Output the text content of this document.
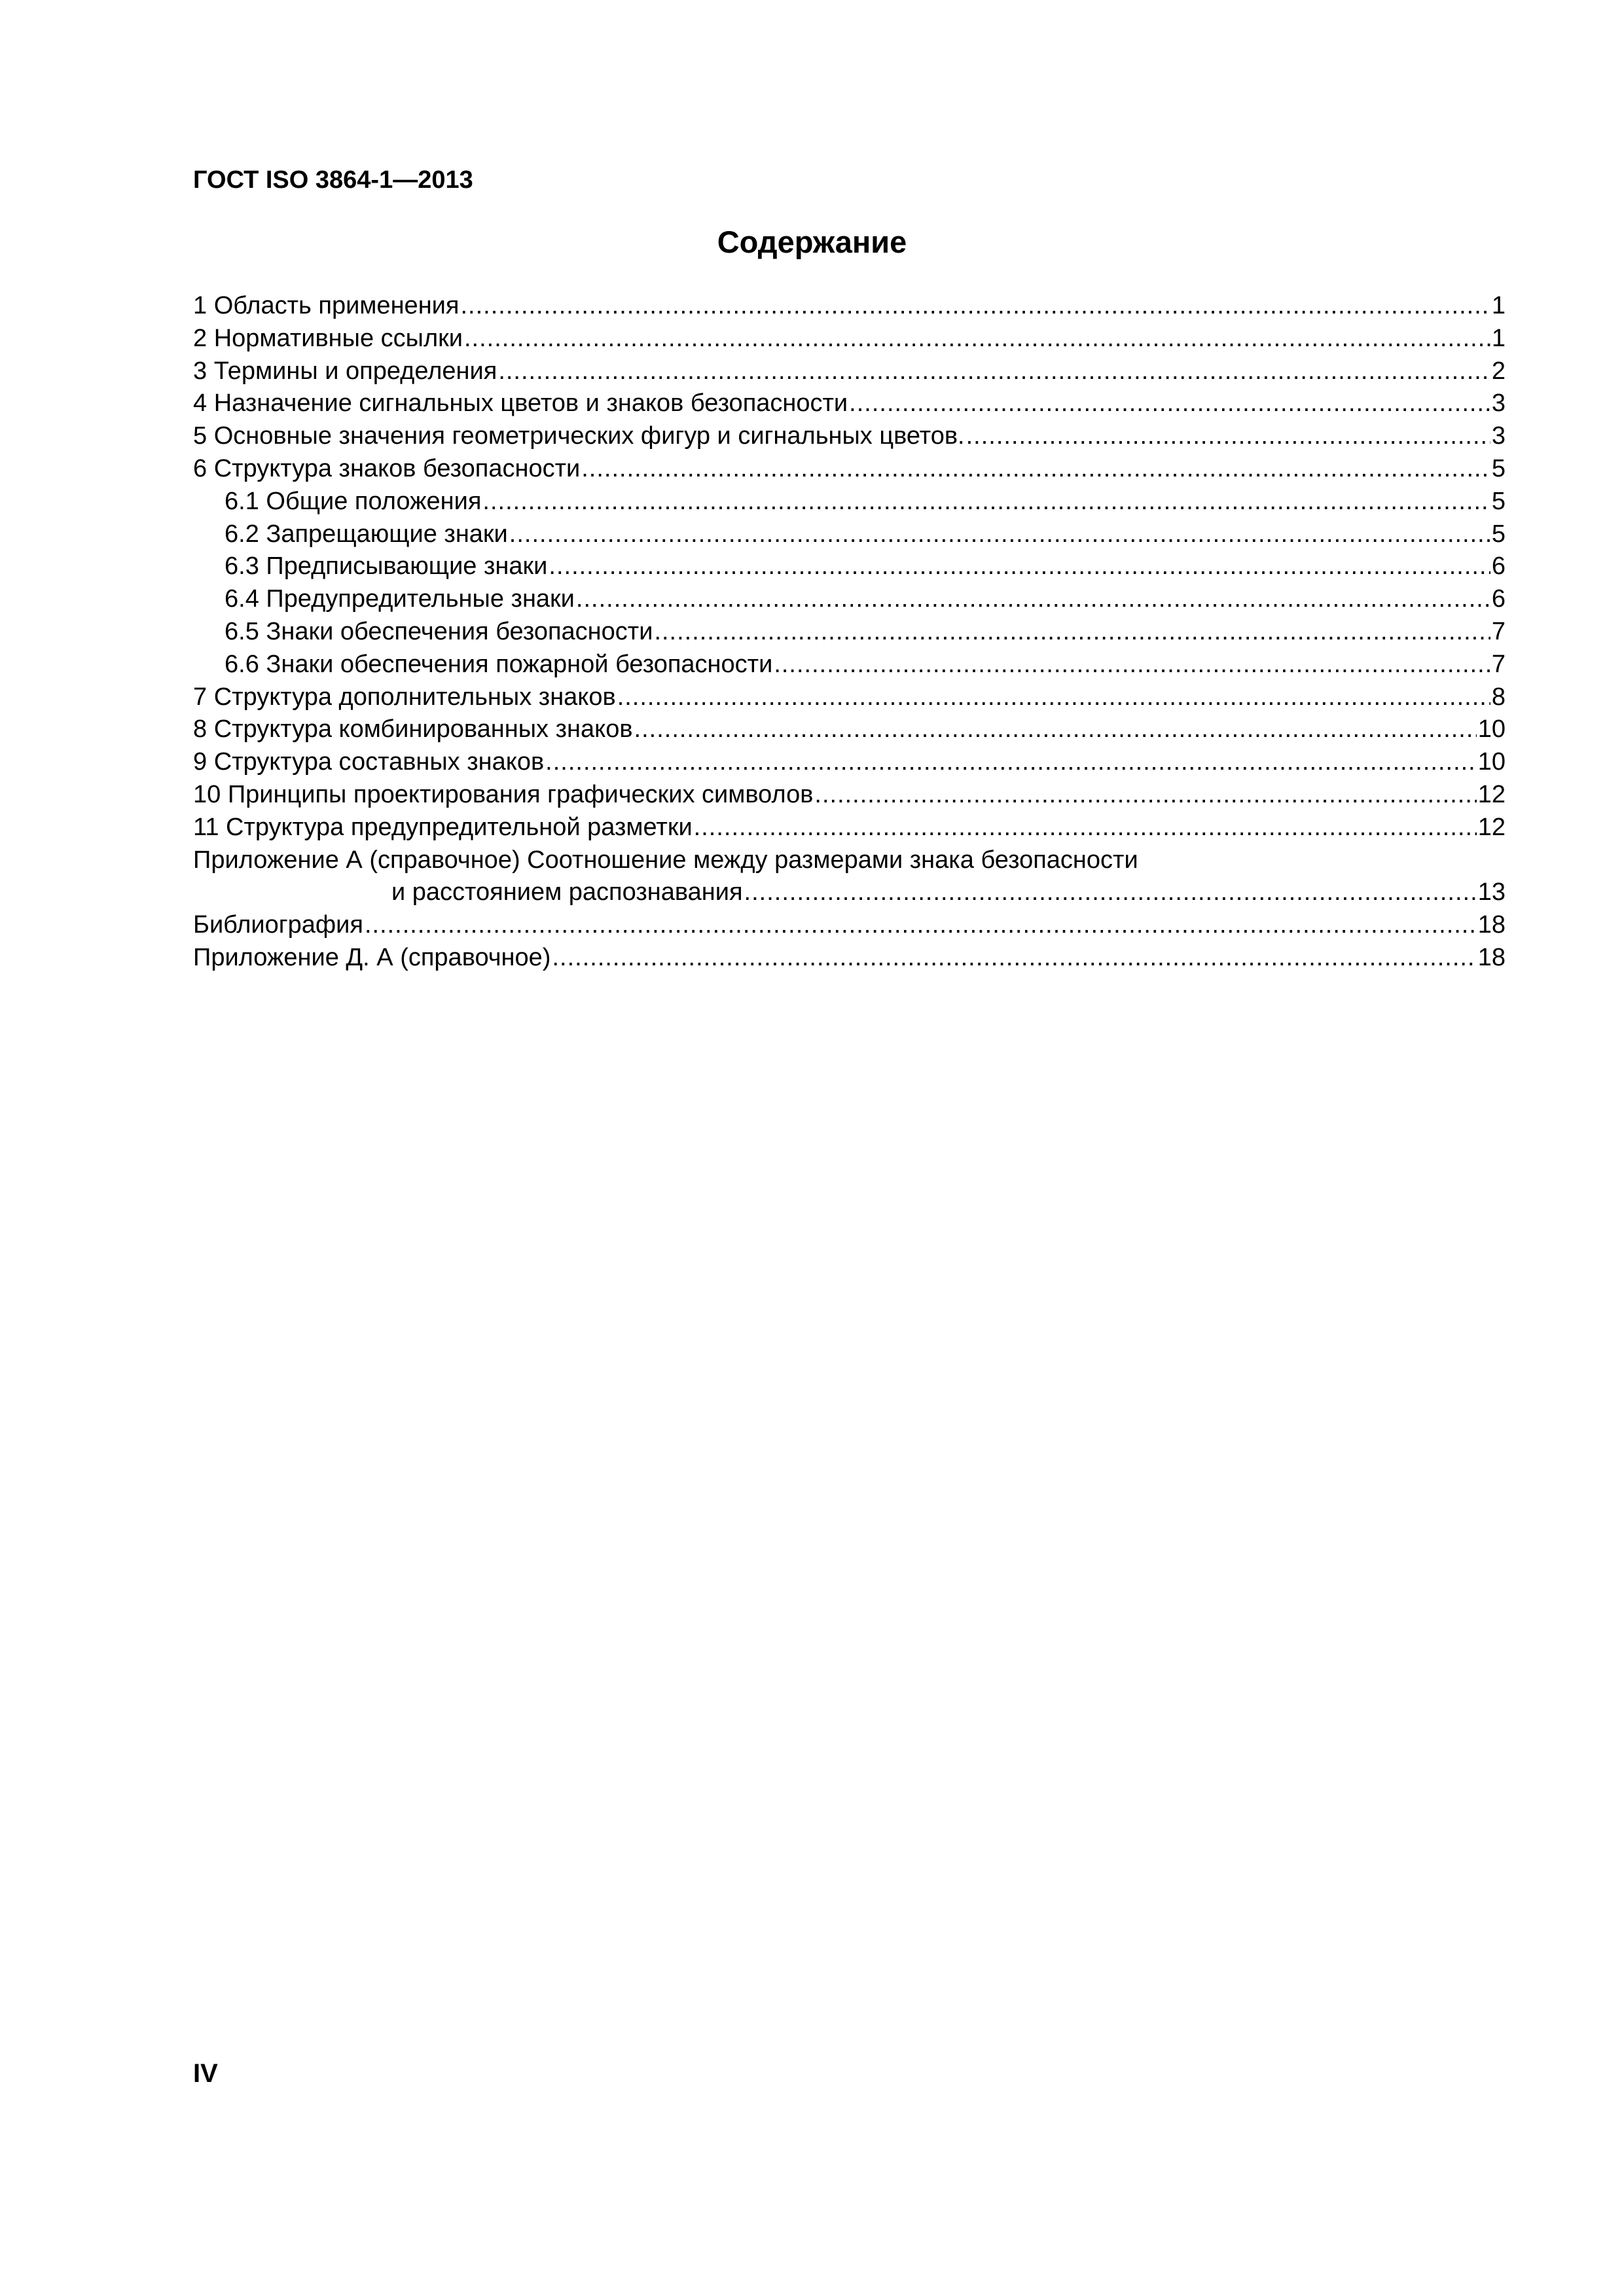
ГОСТ ISO 3864-1—2013
Содержание
1 Область применения .....	1
2 Нормативные ссылки .....	1
3 Термины и определения .....	2
4 Назначение сигнальных цветов и знаков безопасности .....	3
5 Основные значения геометрических фигур и сигнальных цветов. .....	3
6 Структура знаков безопасности .....	5
6.1 Общие положения .....	5
6.2 Запрещающие знаки .....	5
6.3 Предписывающие знаки .....	6
6.4 Предупредительные знаки .....	6
6.5 Знаки обеспечения безопасности .....	7
6.6 Знаки обеспечения пожарной безопасности .....	7
7 Структура дополнительных знаков .....	8
8 Структура комбинированных знаков .....	10
9 Структура составных знаков .....	10
10 Принципы проектирования графических символов .....	12
11 Структура предупредительной разметки .....	12
Приложение А (справочное) Соотношение между размерами знака безопасности
и расстоянием распознавания .....	13
Библиография .....	18
Приложение Д. А (справочное) .....	18
IV
